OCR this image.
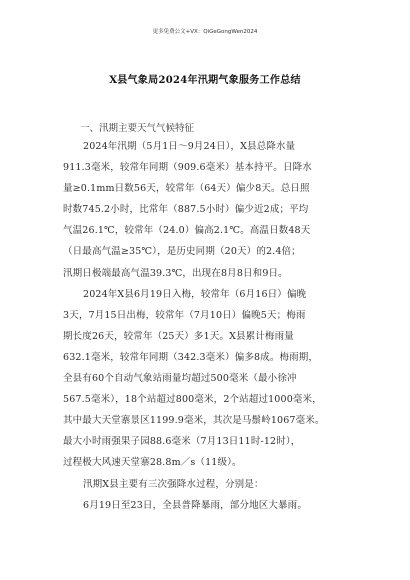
更多免费公文+VX：QiGeGongWen2024
X县气象局2024年汛期气象服务工作总结
一、汛期主要天气气候特征
2024年汛期（5月1日～9月24日），X县总降水量
911.3毫米，较常年同期（909.6毫米）基本持平。日降水
量≥0.1mm日数56天，较常年（64天）偏少8天。总日照
时数745.2小时，比常年（887.5小时）偏少近2成；平均
气温26.1℃，较常年（24.0）偏高2.1℃。高温日数48天
（日最高气温≥35℃），是历史同期（20天）的2.4倍；
汛期日极端最高气温39.3℃，出现在8月8日和9日。
2024年X县6月19日入梅，较常年（6月16日）偏晚
3天，7月15日出梅，较常年（7月10日）偏晚5天；梅雨
期长度26天，较常年（25天）多1天。X县累计梅雨量
632.1毫米，较常年同期（342.3毫米）偏多8成。梅雨期，
全县有60个自动气象站雨量均超过500毫米（最小徐冲
567.5毫米），18个站超过800毫米，2个站超过1000毫米，
其中最大天堂寨景区1199.9毫米，其次是马鬃岭1067毫米。
最大小时雨强果子园88.6毫米（7月13日11时-12时），
过程极大风速天堂寨28.8m／s（11级）。
汛期X县主要有三次强降水过程，分别是：
6月19日至23日，全县普降暴雨，部分地区大暴雨。
